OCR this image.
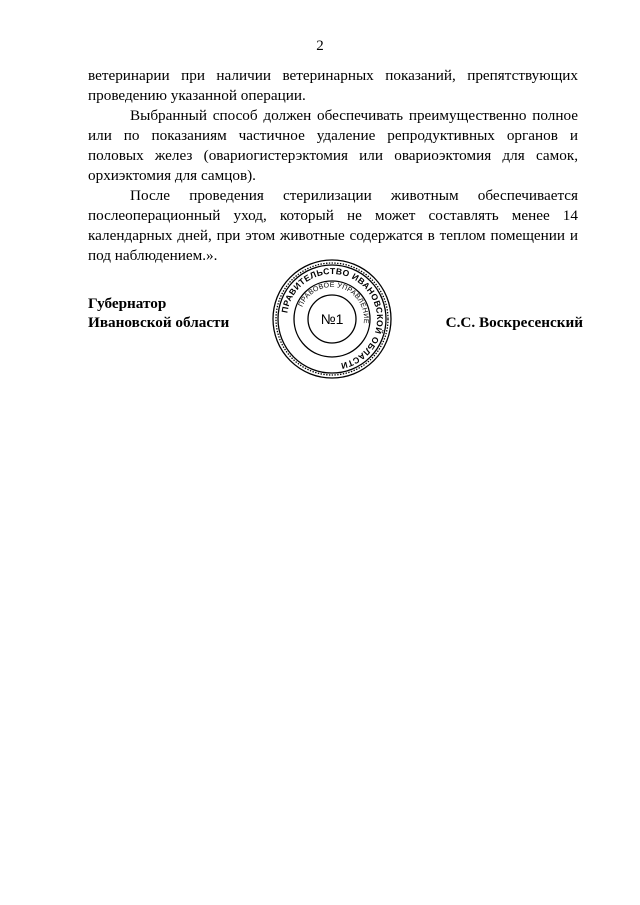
2

ветеринарии при наличии ветеринарных показаний, препятствующих проведению указанной операции.

Выбранный способ должен обеспечивать преимущественно полное или по показаниям частичное удаление репродуктивных органов и половых желез (овариогистерэктомия или овариоэктомия для самок, орхиэктомия для самцов).

После проведения стерилизации животным обеспечивается послеоперационный уход, который не может составлять менее 14 календарных дней, при этом животные содержатся в теплом помещении и под наблюдением.».

Губернатор
Ивановской области
ПРАВИТЕЛЬСТВО ИВАНОВСКОЙ ОБЛАСТИ
ПРАВОВОЕ УПРАВЛЕНИЕ
№1	С.С. Воскресенский
